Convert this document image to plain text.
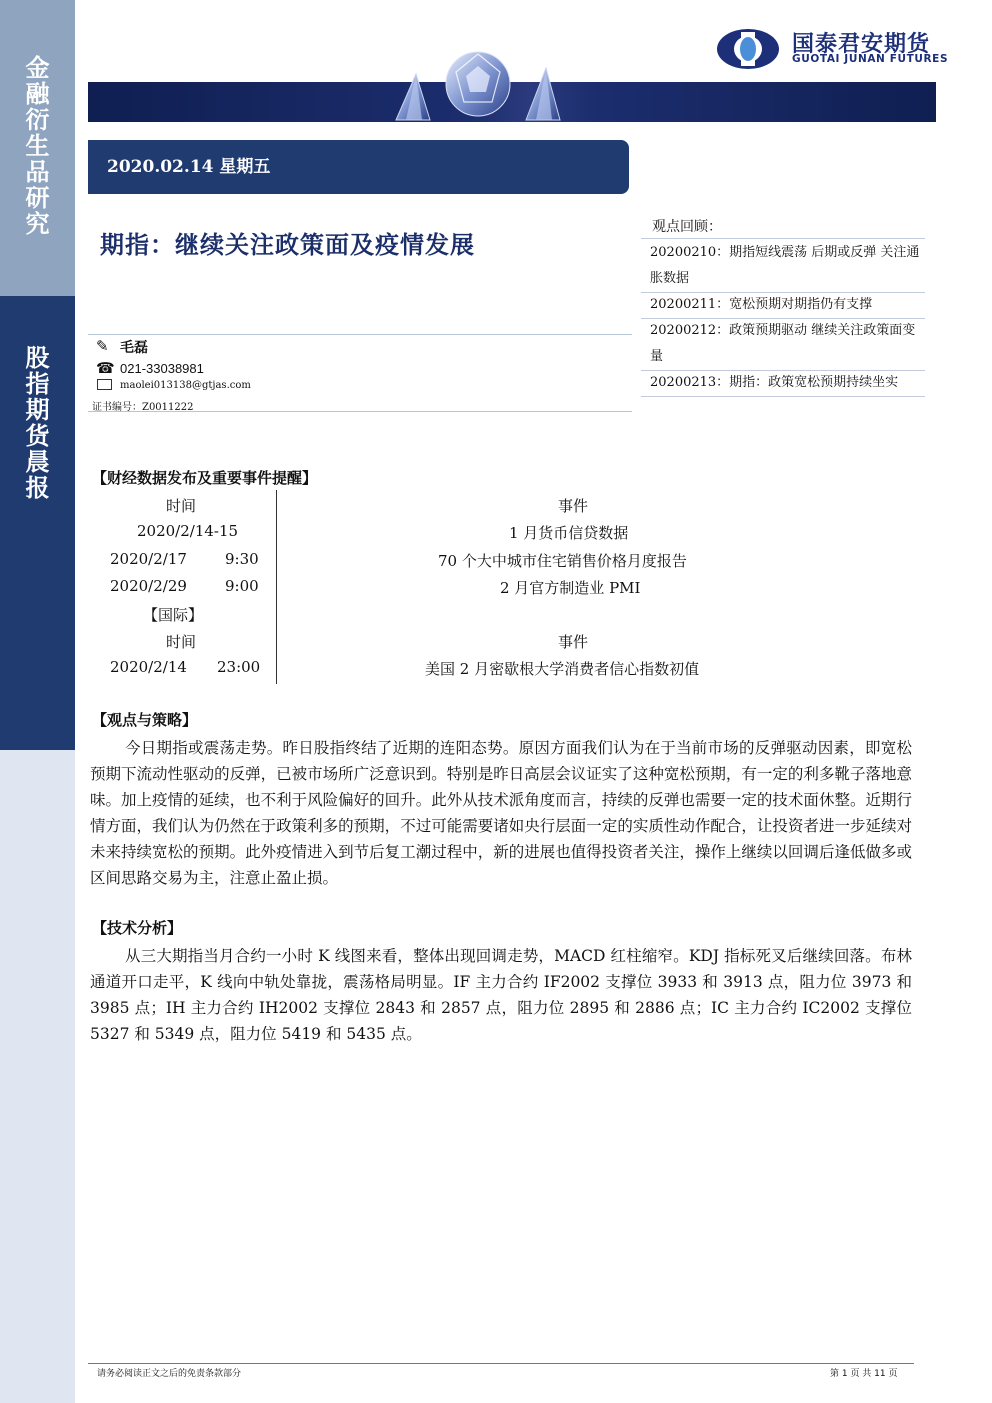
金融衍生品研究
股指期货晨报
国泰君安期货
GUOTAI JUNAN FUTURES
2020.02.14 星期五
期指：继续关注政策面及疫情发展
✎ 毛磊
☎ 021-33038981
maolei013138@gtjas.com
证书编号：Z0011222
观点回顾：
20200210：期指短线震荡 后期或反弹 关注通胀数据
20200211：宽松预期对期指仍有支撑
20200212：政策预期驱动 继续关注政策面变量
20200213：期指：政策宽松预期持续坐实
【财经数据发布及重要事件提醒】
时间	事件
2020/2/14-15	1 月货币信贷数据
2020/2/17	9:30	70 个大中城市住宅销售价格月度报告
2020/2/29	9:00	2 月官方制造业 PMI
【国际】
时间	事件
2020/2/14 23:00	美国 2 月密歇根大学消费者信心指数初值
【观点与策略】
今日期指或震荡走势。昨日股指终结了近期的连阳态势。原因方面我们认为在于当前市场的反弹驱动因素，即宽松预期下流动性驱动的反弹，已被市场所广泛意识到。特别是昨日高层会议证实了这种宽松预期，有一定的利多靴子落地意味。加上疫情的延续，也不利于风险偏好的回升。此外从技术派角度而言，持续的反弹也需要一定的技术面休整。近期行情方面，我们认为仍然在于政策利多的预期，不过可能需要诸如央行层面一定的实质性动作配合，让投资者进一步延续对未来持续宽松的预期。此外疫情进入到节后复工潮过程中，新的进展也值得投资者关注，操作上继续以回调后逢低做多或区间思路交易为主，注意止盈止损。
【技术分析】
从三大期指当月合约一小时 K 线图来看，整体出现回调走势，MACD 红柱缩窄。KDJ 指标死叉后继续回落。布林通道开口走平，K 线向中轨处靠拢，震荡格局明显。IF 主力合约 IF2002 支撑位 3933 和 3913 点，阻力位 3973 和 3985 点；IH 主力合约 IH2002 支撑位 2843 和 2857 点，阻力位 2895 和 2886 点；IC 主力合约 IC2002 支撑位 5327 和 5349 点，阻力位 5419 和 5435 点。
请务必阅读正文之后的免责条款部分	第 1 页 共 11 页
